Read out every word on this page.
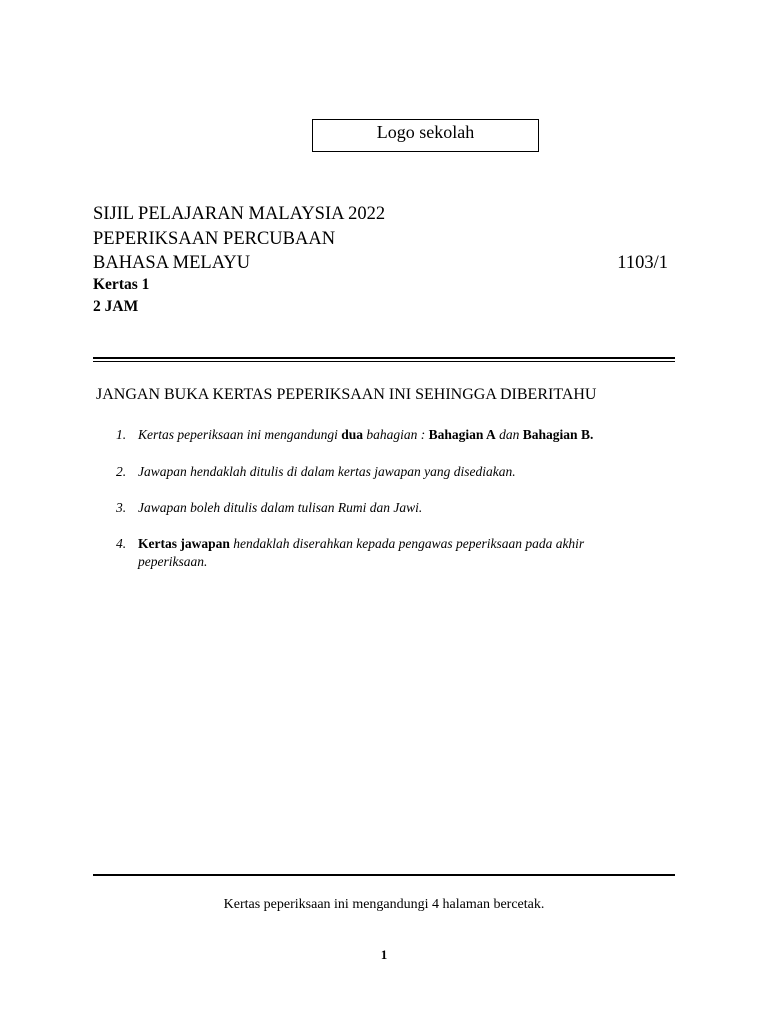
Logo sekolah
SIJIL PELAJARAN MALAYSIA 2022
PEPERIKSAAN PERCUBAAN
BAHASA MELAYU	1103/1
Kertas 1
2 JAM
JANGAN BUKA KERTAS PEPERIKSAAN INI SEHINGGA DIBERITAHU
1. Kertas peperiksaan ini mengandungi dua bahagian : Bahagian A dan Bahagian B.
2. Jawapan hendaklah ditulis di dalam kertas jawapan yang disediakan.
3. Jawapan boleh ditulis dalam tulisan Rumi dan Jawi.
4. Kertas jawapan hendaklah diserahkan kepada pengawas peperiksaan pada akhir peperiksaan.
Kertas peperiksaan ini mengandungi 4 halaman bercetak.
1
